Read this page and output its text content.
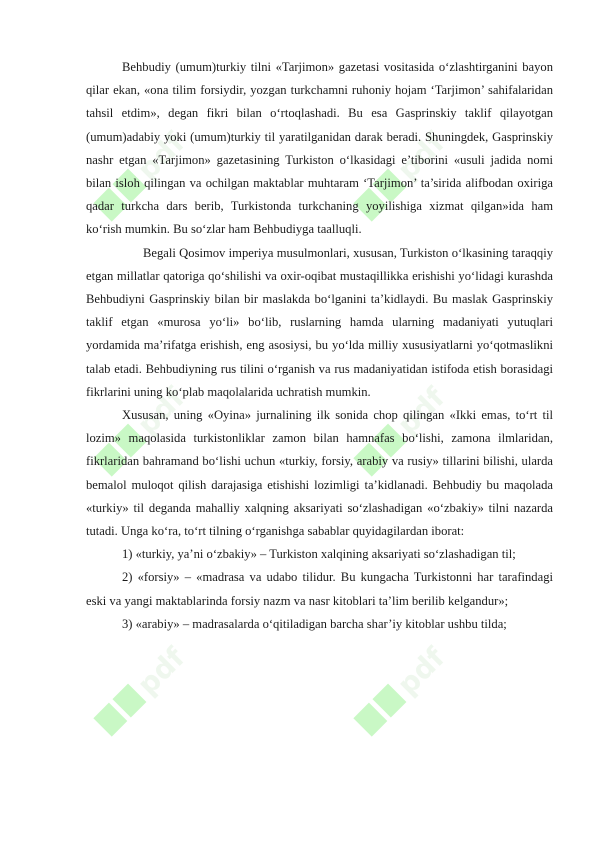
pdf	pdf
pdf	pdf
pdf	pdf

Behbudiy (umum)turkiy tilni «Tarjimon» gazetasi vositasida o‘zlashtirganini bayon qilar ekan, «ona tilim forsiydir, yozgan turkchamni ruhoniy hojam ‘Tarjimon’ sahifalaridan tahsil etdim», degan fikri bilan o‘rtoqlashadi. Bu esa Gasprinskiy taklif qilayotgan (umum)adabiy yoki (umum)turkiy til yaratilganidan darak beradi. Shuningdek, Gasprinskiy nashr etgan «Tarjimon» gazetasining Turkiston o‘lkasidagi e’tiborini «usuli jadida nomi bilan isloh qilingan va ochilgan maktablar muhtaram ‘Tarjimon’ ta’sirida alifbodan oxiriga qadar turkcha dars berib, Turkistonda turkchaning yoyilishiga xizmat qilgan»ida ham ko‘rish mumkin. Bu so‘zlar ham Behbudiyga taalluqli.

Begali Qosimov imperiya musulmonlari, xususan, Turkiston o‘lkasining taraqqiy etgan millatlar qatoriga qo‘shilishi va oxir-oqibat mustaqillikka erishishi yo‘lidagi kurashda Behbudiyni Gasprinskiy bilan bir maslakda bo‘lganini ta’kidlaydi. Bu maslak Gasprinskiy taklif etgan «murosa yo‘li» bo‘lib, ruslarning hamda ularning madaniyati yutuqlari yordamida ma’rifatga erishish, eng asosiysi, bu yo‘lda milliy xususiyatlarni yo‘qotmaslikni talab etadi. Behbudiyning rus tilini o‘rganish va rus madaniyatidan istifoda etish borasidagi fikrlarini uning ko‘plab maqolalarida uchratish mumkin.

Xususan, uning «Oyina» jurnalining ilk sonida chop qilingan «Ikki emas, to‘rt til lozim» maqolasida turkistonliklar zamon bilan hamnafas bo‘lishi, zamona ilmlaridan, fikrlaridan bahramand bo‘lishi uchun «turkiy, forsiy, arabiy va rusiy» tillarini bilishi, ularda bemalol muloqot qilish darajasiga etishishi lozimligi ta’kidlanadi. Behbudiy bu maqolada «turkiy» til deganda mahalliy xalqning aksariyati so‘zlashadigan «o‘zbakiy» tilni nazarda tutadi. Unga ko‘ra, to‘rt tilning o‘rganishga sabablar quyidagilardan iborat:

1) «turkiy, ya’ni o‘zbakiy» – Turkiston xalqining aksariyati so‘zlashadigan til;

2) «forsiy» – «madrasa va udabo tilidur. Bu kungacha Turkistonni har tarafindagi eski va yangi maktablarinda forsiy nazm va nasr kitoblari ta’lim berilib kelgandur»;

3) «arabiy» – madrasalarda o‘qitiladigan barcha shar’iy kitoblar ushbu tilda;
